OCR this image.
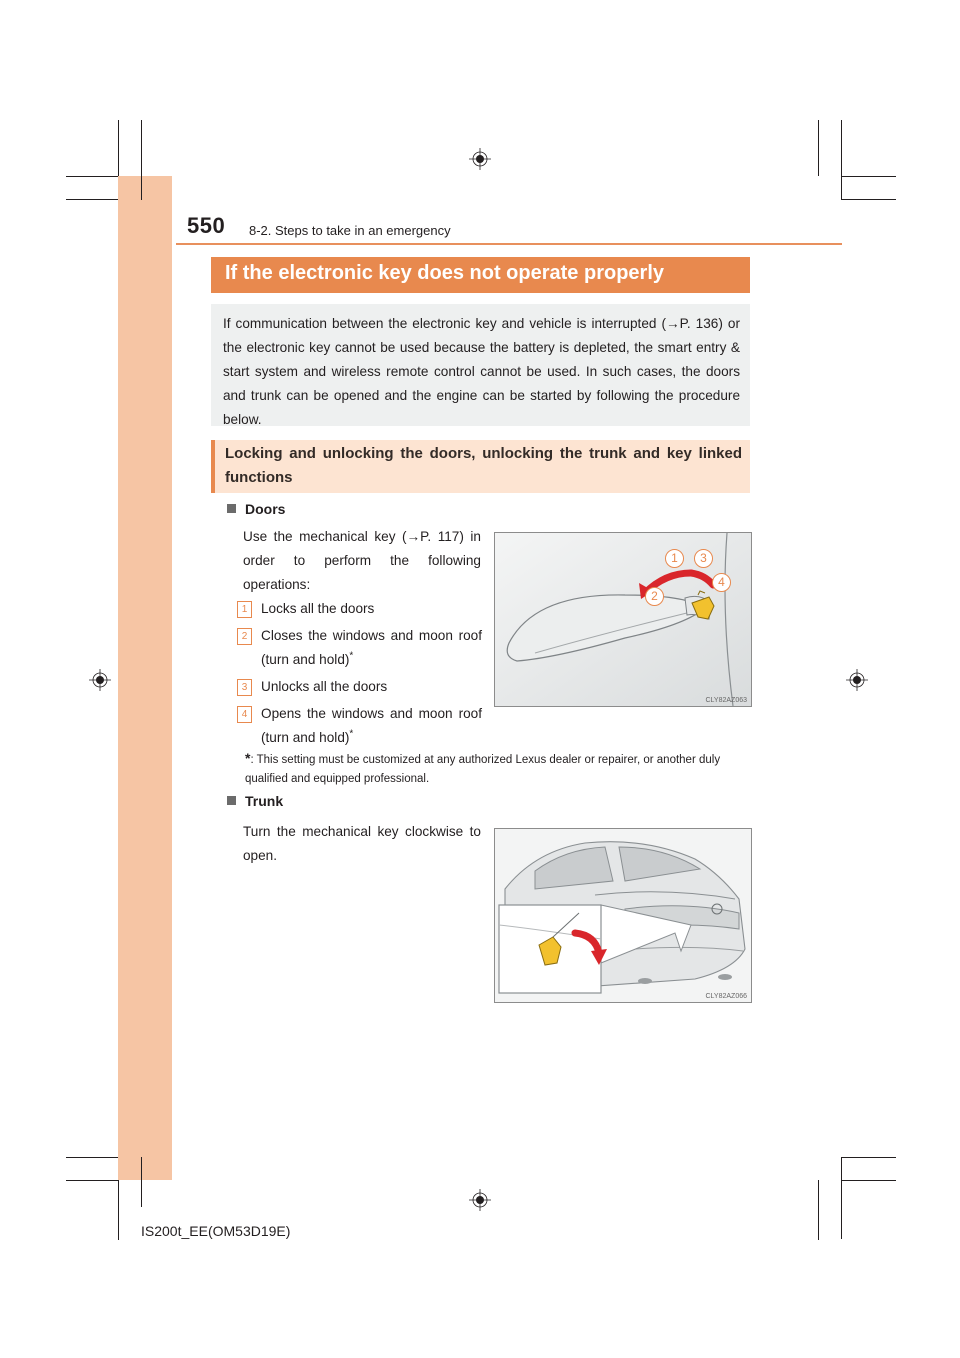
550 8-2. Steps to take in an emergency
If the electronic key does not operate properly

If communication between the electronic key and vehicle is interrupted (→P. 136) or the electronic key cannot be used because the battery is depleted, the smart entry & start system and wireless remote control cannot be used. In such cases, the doors and trunk can be opened and the engine can be started by following the procedure below.

Locking and unlocking the doors, unlocking the trunk and key linked functions
Doors
Use the mechanical key (→P. 117) in order to perform the following operations:
1	Locks all the doors
2	Closes the windows and moon roof (turn and hold)*
3	Unlocks all the doors
4	Opens the windows and moon roof (turn and hold)*
1	3
2
4
CLY82AZ063
*: This setting must be customized at any authorized Lexus dealer or repairer, or another duly qualified and equipped professional.
Trunk
Turn the mechanical key clockwise to open.
CLY82AZ066
IS200t_EE(OM53D19E)
